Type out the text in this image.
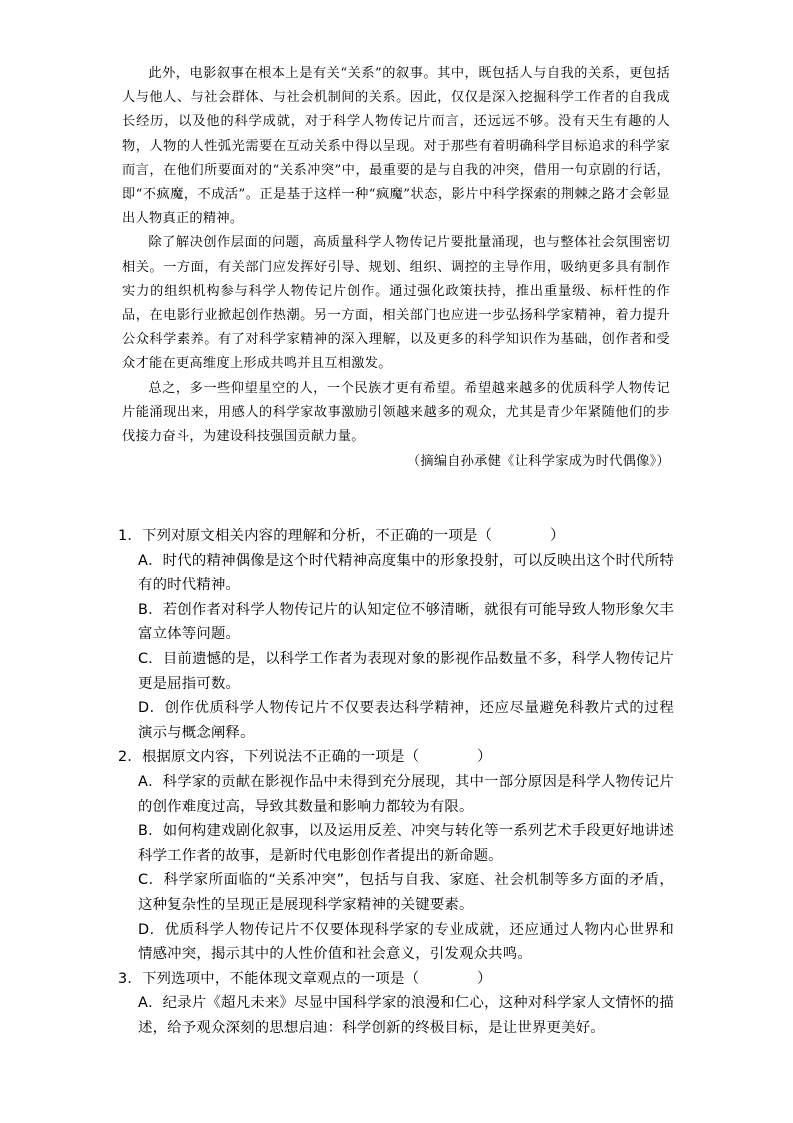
此外，电影叙事在根本上是有关“关系”的叙事。其中，既包括人与自我的关系，更包括人与他人、与社会群体、与社会机制间的关系。因此，仅仅是深入挖掘科学工作者的自我成长经历，以及他的科学成就，对于科学人物传记片而言，还远远不够。没有天生有趣的人物，人物的人性弧光需要在互动关系中得以呈现。对于那些有着明确科学目标追求的科学家而言，在他们所要面对的“关系冲突”中，最重要的是与自我的冲突，借用一句京剧的行话，即“不疯魔，不成活”。正是基于这样一种“疯魔”状态，影片中科学探索的荆棘之路才会彰显出人物真正的精神。

除了解决创作层面的问题，高质量科学人物传记片要批量涌现，也与整体社会氛围密切相关。一方面，有关部门应发挥好引导、规划、组织、调控的主导作用，吸纳更多具有制作实力的组织机构参与科学人物传记片创作。通过强化政策扶持，推出重量级、标杆性的作品，在电影行业掀起创作热潮。另一方面，相关部门也应进一步弘扬科学家精神，着力提升公众科学素养。有了对科学家精神的深入理解，以及更多的科学知识作为基础，创作者和受众才能在更高维度上形成共鸣并且互相激发。

总之，多一些仰望星空的人，一个民族才更有希望。希望越来越多的优质科学人物传记片能涌现出来，用感人的科学家故事激励引领越来越多的观众，尤其是青少年紧随他们的步伐接力奋斗，为建设科技强国贡献力量。

（摘编自孙承健《让科学家成为时代偶像》）

1．下列对原文相关内容的理解和分析，不正确的一项是（	）
A．时代的精神偶像是这个时代精神高度集中的形象投射，可以反映出这个时代所特有的时代精神。
B．若创作者对科学人物传记片的认知定位不够清晰，就很有可能导致人物形象欠丰富立体等问题。
C．目前遗憾的是，以科学工作者为表现对象的影视作品数量不多，科学人物传记片更是屈指可数。
D．创作优质科学人物传记片不仅要表达科学精神，还应尽量避免科教片式的过程演示与概念阐释。
2．根据原文内容，下列说法不正确的一项是（	）
A．科学家的贡献在影视作品中未得到充分展现，其中一部分原因是科学人物传记片的创作难度过高，导致其数量和影响力都较为有限。
B．如何构建戏剧化叙事，以及运用反差、冲突与转化等一系列艺术手段更好地讲述科学工作者的故事，是新时代电影创作者提出的新命题。
C．科学家所面临的“关系冲突”，包括与自我、家庭、社会机制等多方面的矛盾，这种复杂性的呈现正是展现科学家精神的关键要素。
D．优质科学人物传记片不仅要体现科学家的专业成就，还应通过人物内心世界和情感冲突，揭示其中的人性价值和社会意义，引发观众共鸣。
3．下列选项中，不能体现文章观点的一项是（	）
A．纪录片《超凡未来》尽显中国科学家的浪漫和仁心，这种对科学家人文情怀的描述，给予观众深刻的思想启迪：科学创新的终极目标，是让世界更美好。
